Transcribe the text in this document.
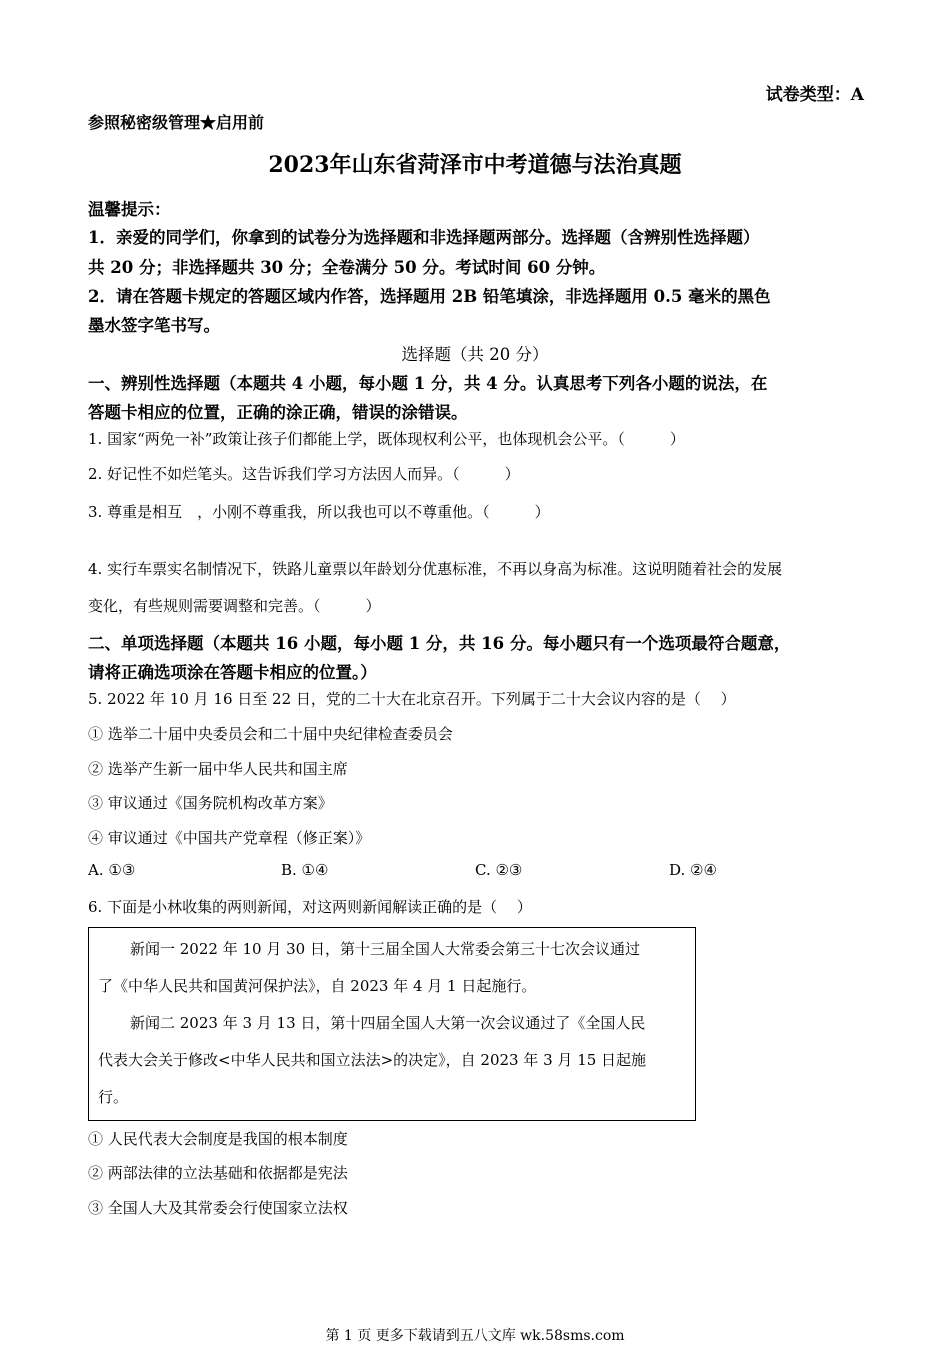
试卷类型：A
参照秘密级管理★启用前
2023年山东省菏泽市中考道德与法治真题
温馨提示：
1．亲爱的同学们，你拿到的试卷分为选择题和非选择题两部分。选择题（含辨别性选择题）
共 20 分；非选择题共 30 分；全卷满分 50 分。考试时间 60 分钟。
2．请在答题卡规定的答题区域内作答，选择题用 2B 铅笔填涂，非选择题用 0.5 毫米的黑色
墨水签字笔书写。
选择题（共 20 分）
一、辨别性选择题（本题共 4 小题，每小题 1 分，共 4 分。认真思考下列各小题的说法，在
答题卡相应的位置，正确的涂正确，错误的涂错误。
1. 国家“两免一补”政策让孩子们都能上学，既体现权利公平，也体现机会公平。（　　　）
2. 好记性不如烂笔头。这告诉我们学习方法因人而异。（　　　）
3. 尊重是相互　，小刚不尊重我，所以我也可以不尊重他。（　　　）
4. 实行车票实名制情况下，铁路儿童票以年龄划分优惠标准，不再以身高为标准。这说明随着社会的发展
变化，有些规则需要调整和完善。（　　　）
二、单项选择题（本题共 16 小题，每小题 1 分，共 16 分。每小题只有一个选项最符合题意，
请将正确选项涂在答题卡相应的位置。）
5. 2022 年 10 月 16 日至 22 日，党的二十大在北京召开。下列属于二十大会议内容的是（　 ）
① 选举二十届中央委员会和二十届中央纪律检查委员会
② 选举产生新一届中华人民共和国主席
③ 审议通过《国务院机构改革方案》
④ 审议通过《中国共产党章程（修正案）》
A. ①③	B. ①④	C. ②③	D. ②④
6. 下面是小林收集的两则新闻，对这两则新闻解读正确的是（　 ）
新闻一 2022 年 10 月 30 日，第十三届全国人大常委会第三十七次会议通过
了《中华人民共和国黄河保护法》，自 2023 年 4 月 1 日起施行。
新闻二 2023 年 3 月 13 日，第十四届全国人大第一次会议通过了《全国人民
代表大会关于修改<中华人民共和国立法法>的决定》，自 2023 年 3 月 15 日起施
行。
① 人民代表大会制度是我国的根本制度
② 两部法律的立法基础和依据都是宪法
③ 全国人大及其常委会行使国家立法权
第 1 页 更多下载请到五八文库 wk.58sms.com
